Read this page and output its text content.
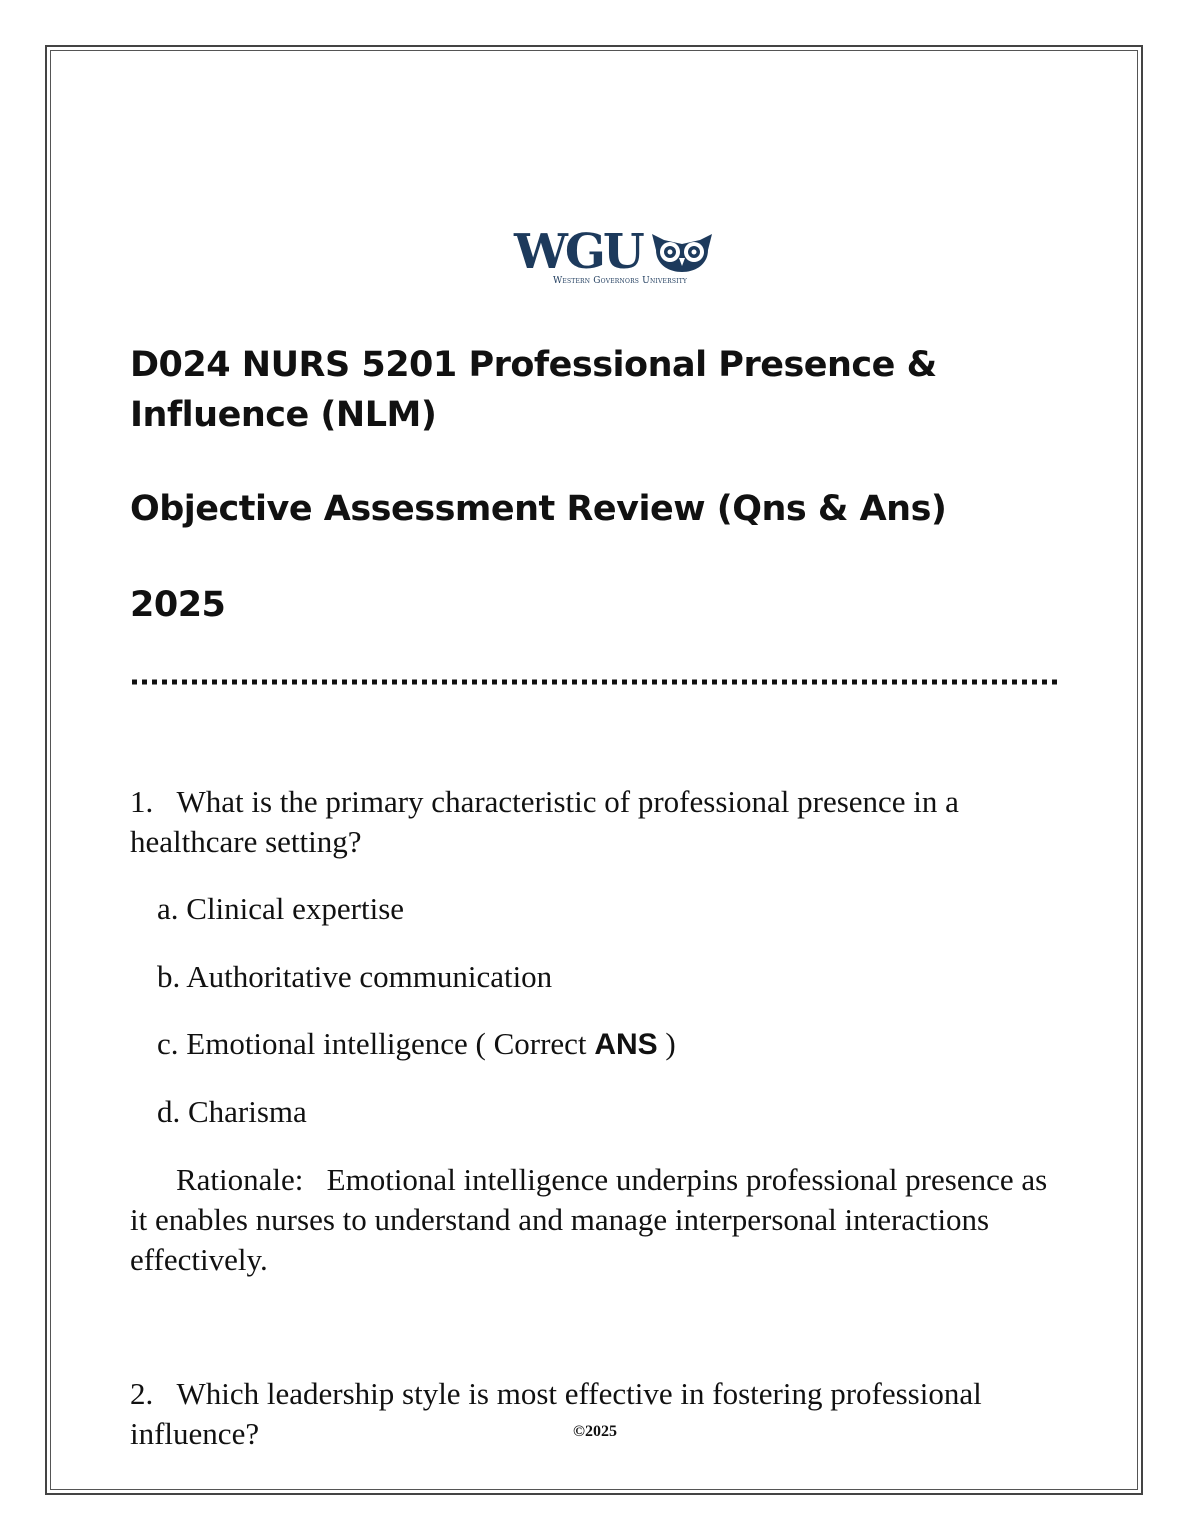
WGU
Western Governors University
D024 NURS 5201 Professional Presence & Influence (NLM)
Objective Assessment Review (Qns & Ans)
2025

1. What is the primary characteristic of professional presence in a healthcare setting?

a. Clinical expertise
b. Authoritative communication
c. Emotional intelligence ( Correct ANS )
d. Charisma

Rationale: Emotional intelligence underpins professional presence as it enables nurses to understand and manage interpersonal interactions effectively.

2. Which leadership style is most effective in fostering professional influence?	©2025
